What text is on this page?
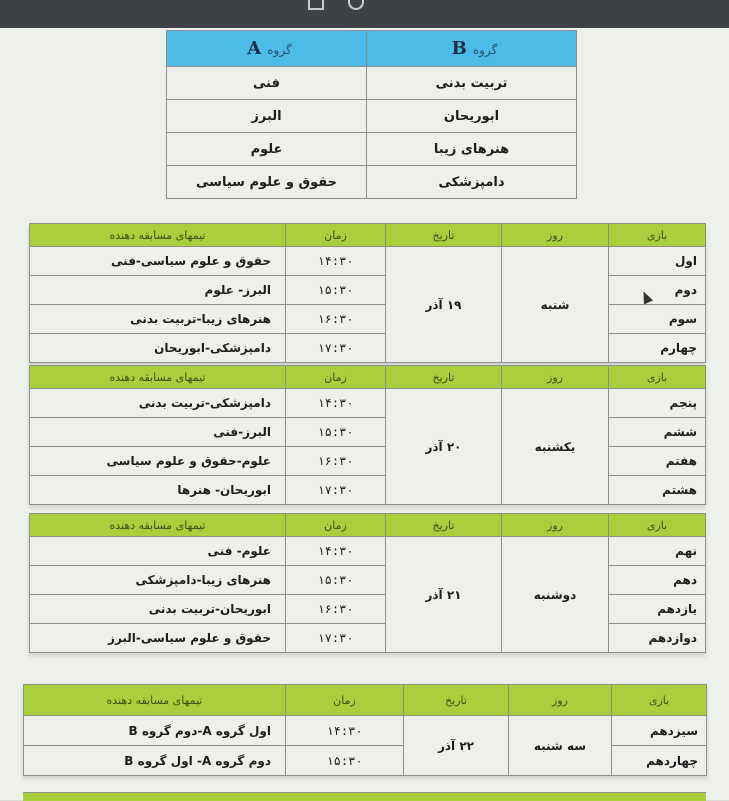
گروهB	گروهA
تربیت بدنی	فنی
ابوریحان	البرز
هنرهای زیبا	علوم
دامپزشکی	حقوق و علوم سیاسی
بازی	روز	تاریخ	زمان	تیمهای مسابقه دهنده
اول	شنبه	۱۹ آذر	۱۴:۳۰	حقوق و علوم سیاسی-فنی
دوم			۱۵:۳۰	البرز- علوم
سوم			۱۶:۳۰	هنرهای زیبا-تربیت بدنی
چهارم			۱۷:۳۰	دامپزشکی-ابوریحان
بازی	روز	تاریخ	زمان	تیمهای مسابقه دهنده
پنجم	یکشنبه	۲۰ آذر	۱۴:۳۰	دامپزشکی-تربیت بدنی
ششم			۱۵:۳۰	البرز-فنی
هفتم			۱۶:۳۰	علوم-حقوق و علوم سیاسی
هشتم			۱۷:۳۰	ابوریحان- هنرها
بازی	روز	تاریخ	زمان	تیمهای مسابقه دهنده
نهم	دوشنبه	۲۱ آذر	۱۴:۳۰	علوم- فنی
دهم			۱۵:۳۰	هنرهای زیبا-دامپزشکی
یازدهم			۱۶:۳۰	ابوریحان-تربیت بدنی
دوازدهم			۱۷:۳۰	حقوق و علوم سیاسی-البرز
بازی	روز	تاریخ	زمان	تیمهای مسابقه دهنده
سیزدهم	سه شنبه	۲۲ آذر	۱۴:۳۰	اول گروه A-دوم گروه B
چهاردهم			۱۵:۳۰	دوم گروه A- اول گروه B
